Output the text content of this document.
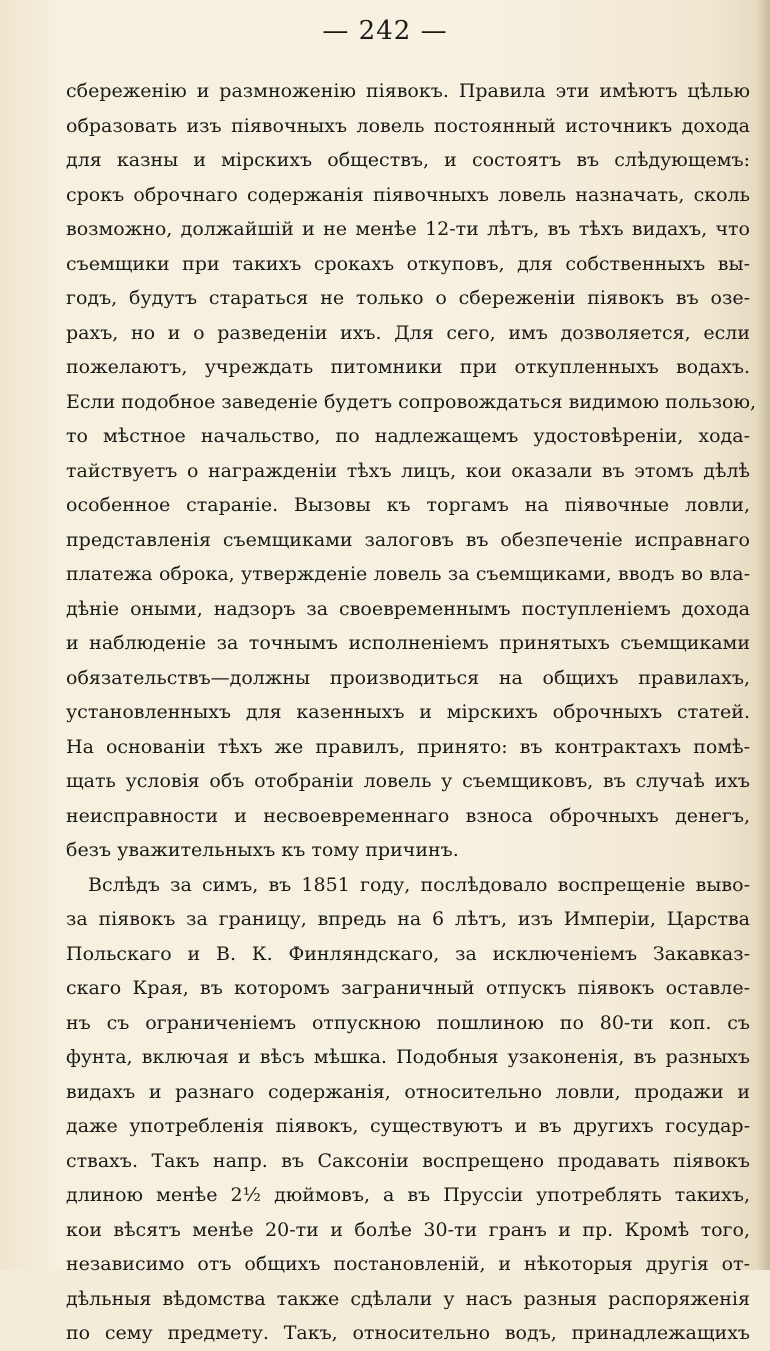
— 242 —
сбереженію и размноженію піявокъ. Правила эти имѣютъ цѣлью
образовать изъ піявочныхъ ловель постоянный источникъ дохода
для казны и мірскихъ обществъ, и состоятъ въ слѣдующемъ:
срокъ оброчнаго содержанія піявочныхъ ловель назначать, сколь
возможно, должайшій и не менѣе 12-ти лѣтъ, въ тѣхъ видахъ, что
съемщики при такихъ срокахъ откуповъ, для собственныхъ вы-
годъ, будутъ стараться не только о сбереженіи піявокъ въ озе-
рахъ, но и о разведеніи ихъ. Для сего, имъ дозволяется, если
пожелаютъ, учреждать питомники при откупленныхъ водахъ.
Если подобное заведеніе будетъ сопровождаться видимою пользою,
то мѣстное начальство, по надлежащемъ удостовѣреніи, хода-
тайствуетъ о награжденіи тѣхъ лицъ, кои оказали въ этомъ дѣлѣ
особенное стараніе. Вызовы къ торгамъ на піявочные ловли,
представленія съемщиками залоговъ въ обезпеченіе исправнаго
платежа оброка, утвержденіе ловель за съемщиками, вводъ во вла-
дѣніе оными, надзоръ за своевременнымъ поступленіемъ дохода
и наблюденіе за точнымъ исполненіемъ принятыхъ съемщиками
обязательствъ—должны производиться на общихъ правилахъ,
установленныхъ для казенныхъ и мірскихъ оброчныхъ статей.
На основаніи тѣхъ же правилъ, принято: въ контрактахъ помѣ-
щать условія объ отобраніи ловель у съемщиковъ, въ случаѣ ихъ
неисправности и несвоевременнаго взноса оброчныхъ денегъ,
безъ уважительныхъ къ тому причинъ.
Вслѣдъ за симъ, въ 1851 году, послѣдовало воспрещеніе выво-
за піявокъ за границу, впредь на 6 лѣтъ, изъ Имперіи, Царства
Польскаго и В. К. Финляндскаго, за исключеніемъ Закавказ-
скаго Края, въ которомъ заграничный отпускъ піявокъ оставле-
нъ съ ограниченіемъ отпускною пошлиною по 80-ти коп. съ
фунта, включая и вѣсъ мѣшка. Подобныя узаконенія, въ разныхъ
видахъ и разнаго содержанія, относительно ловли, продажи и
даже употребленія піявокъ, существуютъ и въ другихъ государ-
ствахъ. Такъ напр. въ Саксоніи воспрещено продавать піявокъ
длиною менѣе 2½ дюймовъ, а въ Пруссіи употреблять такихъ,
кои вѣсятъ менѣе 20-ти и болѣе 30-ти гранъ и пр. Кромѣ того,
независимо отъ общихъ постановленій, и нѣкоторыя другія от-
дѣльныя вѣдомства также сдѣлали у насъ разныя распоряженія
по сему предмету. Такъ, относительно водъ, принадлежащихъ
